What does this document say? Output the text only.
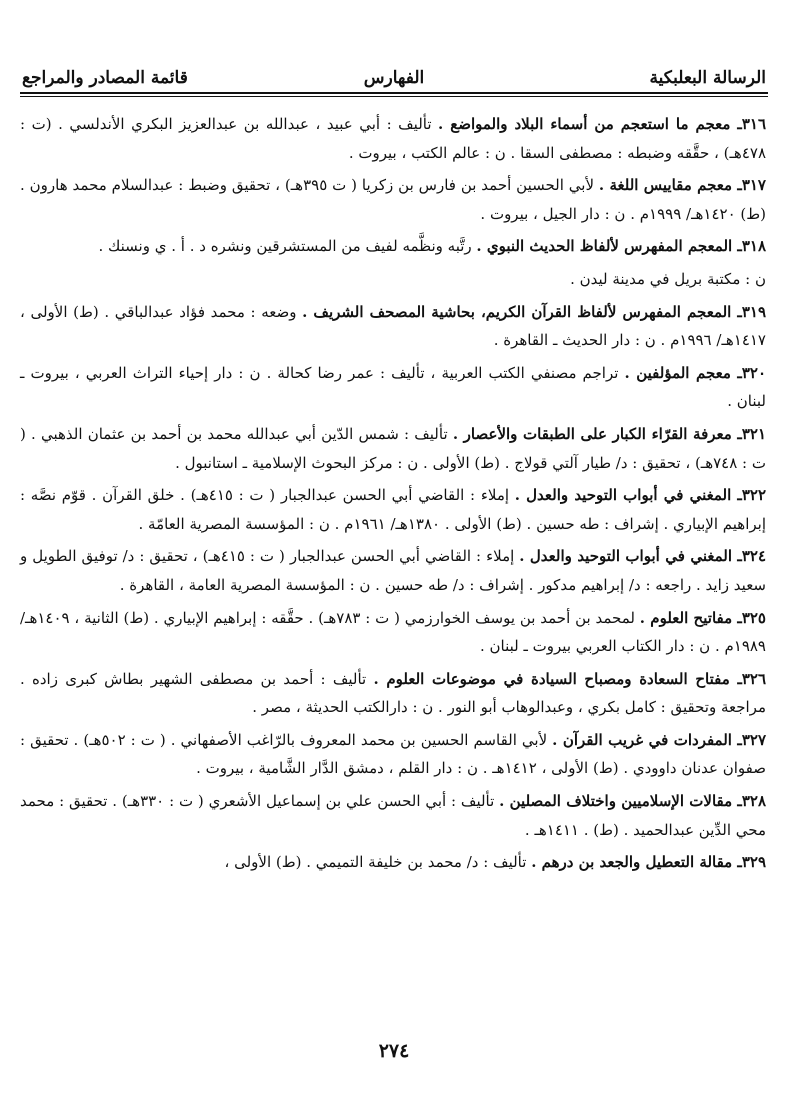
الرسالة البعلبكية
الفهارس
قائمة المصادر والمراجع

٣١٦ـ معجم ما استعجم من أسماء البلاد والمواضع . تأليف : أبي عبيد ، عبدالله بن عبدالعزيز البكري الأندلسي . (ت : ٤٧٨هـ) ، حقَّقه وضبطه : مصطفى السقا . ن : عالم الكتب ، بيروت .

٣١٧ـ معجم مقاييس اللغة . لأبي الحسين أحمد بن فارس بن زكريا ( ت ٣٩٥هـ) ، تحقيق وضبط : عبدالسلام محمد هارون . (ط) ١٤٢٠هـ/ ١٩٩٩م . ن : دار الجيل ، بيروت .

٣١٨ـ المعجم المفهرس لألفاظ الحديث النبوي . رتَّبه ونظَّمه لفيف من المستشرقين ونشره د . أ . ي ونسنك .

ن : مكتبة بريل في مدينة ليدن .

٣١٩ـ المعجم المفهرس لألفاظ القرآن الكريم، بحاشية المصحف الشريف . وضعه : محمد فؤاد عبدالباقي . (ط) الأولى ، ١٤١٧هـ/ ١٩٩٦م . ن : دار الحديث ـ القاهرة .

٣٢٠ـ معجم المؤلفين . تراجم مصنفي الكتب العربية ، تأليف : عمر رضا كحالة . ن : دار إحياء التراث العربي ، بيروت ـ لبنان .

٣٢١ـ معرفة القرّاء الكبار على الطبقات والأعصار . تأليف : شمس الدّين أبي عبدالله محمد بن أحمد بن عثمان الذهبي . ( ت : ٧٤٨هـ) ، تحقيق : د/ طيار آلتي قولاج . (ط) الأولى . ن : مركز البحوث الإسلامية ـ استانبول .

٣٢٢ـ المغني في أبواب التوحيد والعدل . إملاء : القاضي أبي الحسن عبدالجبار ( ت : ٤١٥هـ) . خلق القرآن . قوّم نصَّه : إبراهيم الإبياري . إشراف : طه حسين . (ط) الأولى . ١٣٨٠هـ/ ١٩٦١م . ن : المؤسسة المصرية العامّة .

٣٢٤ـ المغني في أبواب التوحيد والعدل . إملاء : القاضي أبي الحسن عبدالجبار ( ت : ٤١٥هـ) ، تحقيق : د/ توفيق الطويل و سعيد زايد . راجعه : د/ إبراهيم مدكور . إشراف : د/ طه حسين . ن : المؤسسة المصرية العامة ، القاهرة .

٣٢٥ـ مفاتيح العلوم . لمحمد بن أحمد بن يوسف الخوارزمي ( ت : ٧٨٣هـ) . حقَّقه : إبراهيم الإبياري . (ط) الثانية ، ١٤٠٩هـ/ ١٩٨٩م . ن : دار الكتاب العربي بيروت ـ لبنان .

٣٢٦ـ مفتاح السعادة ومصباح السيادة في موضوعات العلوم . تأليف : أحمد بن مصطفى الشهير بطاش كبرى زاده . مراجعة وتحقيق : كامل بكري ، وعبدالوهاب أبو النور . ن : دارالكتب الحديثة ، مصر .

٣٢٧ـ المفردات في غريب القرآن . لأبي القاسم الحسين بن محمد المعروف بالرّاغب الأصفهاني . ( ت : ٥٠٢هـ) . تحقيق : صفوان عدنان داوودي . (ط) الأولى ، ١٤١٢هـ . ن : دار القلم ، دمشق الدَّار الشَّامية ، بيروت .

٣٢٨ـ مقالات الإسلاميين واختلاف المصلين . تأليف : أبي الحسن علي بن إسماعيل الأشعري ( ت : ٣٣٠هـ) . تحقيق : محمد محي الدِّين عبدالحميد . (ط) . ١٤١١هـ .

٣٢٩ـ مقالة التعطيل والجعد بن درهم . تأليف : د/ محمد بن خليفة التميمي . (ط) الأولى ،

٢٧٤
